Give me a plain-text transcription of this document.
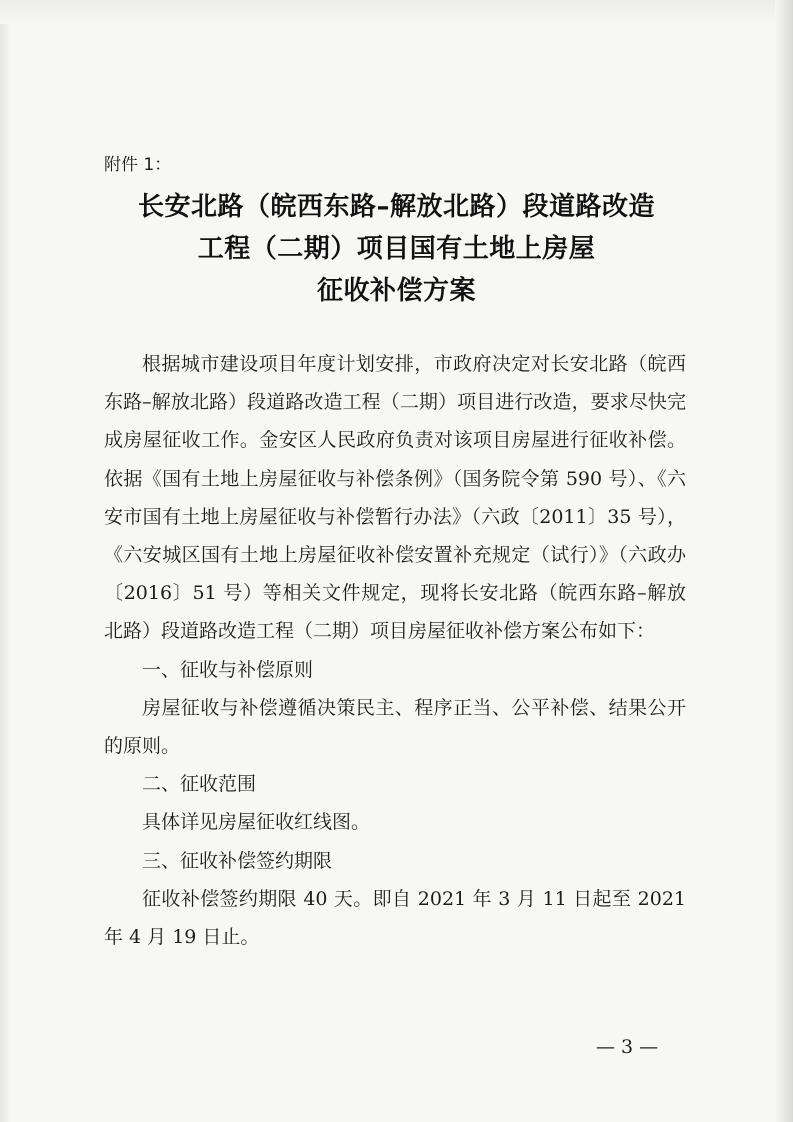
附件 1：
长安北路（皖西东路–解放北路）段道路改造
工程（二期）项目国有土地上房屋
征收补偿方案

根据城市建设项目年度计划安排，市政府决定对长安北路（皖西东路–解放北路）段道路改造工程（二期）项目进行改造，要求尽快完成房屋征收工作。金安区人民政府负责对该项目房屋进行征收补偿。依据《国有土地上房屋征收与补偿条例》（国务院令第 590 号）、《六安市国有土地上房屋征收与补偿暂行办法》（六政〔2011〕35 号），《六安城区国有土地上房屋征收补偿安置补充规定（试行）》（六政办〔2016〕51 号）等相关文件规定，现将长安北路（皖西东路–解放北路）段道路改造工程（二期）项目房屋征收补偿方案公布如下：

一、征收与补偿原则

房屋征收与补偿遵循决策民主、程序正当、公平补偿、结果公开的原则。

二、征收范围

具体详见房屋征收红线图。

三、征收补偿签约期限

征收补偿签约期限 40 天。即自 2021 年 3 月 11 日起至 2021 年 4 月 19 日止。

— 3 —
